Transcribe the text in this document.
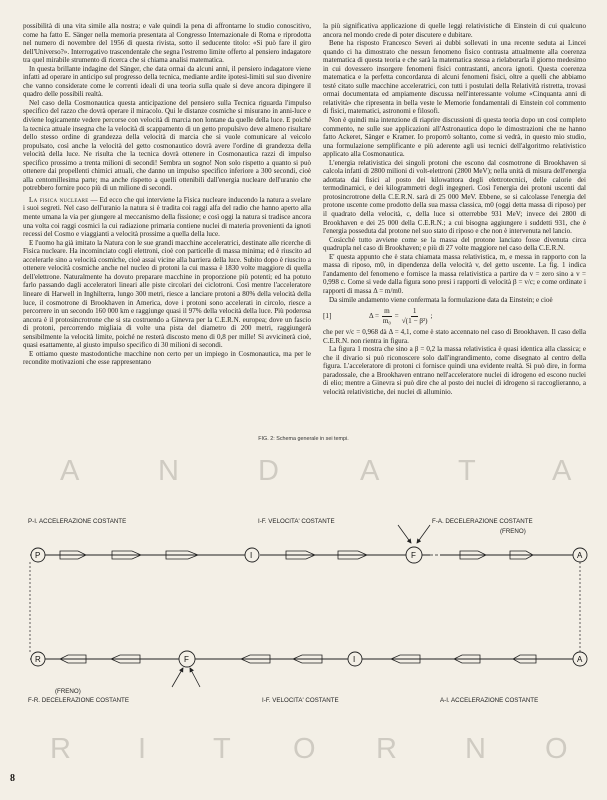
possibilità di una vita simile alla nostra; e vale quindi la pena di affrontarne lo studio conoscitivo, come ha fatto E. Sänger nella memoria presentata al Congresso Internazionale di Roma e riprodotta nel numero di novembre del 1956 di questa rivista, sotto il seducente titolo: «Si può fare il giro dell'Universo?». Interrogativo trascendentale che segna l'estremo limite offerto al pensiero indagatore tra quel mirabile strumento di ricerca che si chiama analisi matematica.

In questa brillante indagine del Sänger, che data ormai da alcuni anni, il pensiero indagatore viene infatti ad operare in anticipo sul progresso della tecnica, mediante ardite ipotesi-limiti sul suo divenire che vanno considerate come le correnti ideali di una teoria sulla quale si deve ancora dipingere il quadro delle possibili realtà.

Nel caso della Cosmonautica questa anticipazione del pensiero sulla Tecnica riguarda l'impulso specifico del razzo che dovrà operare il miracolo. Qui le distanze cosmiche si misurano in anni-luce e diviene logicamente vedere percorse con velocità di marcia non lontane da quelle della luce. E poiché la tecnica attuale insegna che la velocità di scappamento di un getto propulsivo deve almeno risultare dello stesso ordine di grandezza della velocità di marcia che si vuole comunicare al veicolo propulsato, così anche la velocità del getto cosmonautico dovrà avere l'ordine di grandezza della velocità della luce. Ne risulta che la tecnica dovrà ottenere in Cosmonautica razzi di impulso specifico prossimo a trenta milioni di secondi! Sembra un sogno! Non solo rispetto a quanto si può ottenere dai propellenti chimici attuali, che danno un impulso specifico inferiore a 300 secondi, cioè alla centomillesima parte; ma anche rispetto a quelli ottenibili dall'energia nucleare dell'uranio che potrebbero fornire poco più di un milione di secondi.

La fisica nucleare — Ed ecco che qui interviene la Fisica nucleare inducendo la natura a svelare i suoi segreti. Nel caso dell'uranio la natura si è tradita coi raggi alfa del radio che hanno aperto alla mente umana la via per giungere al meccanismo della fissione; e così oggi la natura si tradisce ancora una volta coi raggi cosmici la cui radiazione primaria contiene nuclei di materia provenienti da ignoti recessi del Cosmo e viaggianti a velocità prossime a quella della luce.

E l'uomo ha già imitato la Natura con le sue grandi macchine acceleratrici, destinate alle ricerche di Fisica nucleare. Ha incominciato cogli elettroni, cioè con particelle di massa minima; ed è riuscito ad accelerarle sino a velocità cosmiche, cioè assai vicine alla barriera della luce. Subito dopo è riuscito a ottenere velocità cosmiche anche nel nucleo di protoni la cui massa è 1830 volte maggiore di quella dell'elettrone. Naturalmente ha dovuto preparare macchine in proporzione più potenti; ed ha potuto farlo passando dagli acceleratori lineari alle piste circolari dei ciclotroni. Così mentre l'acceleratore lineare di Harwell in Inghilterra, lungo 300 metri, riesce a lanciare protoni a 80% della velocità della luce, il cosmotrone di Brookhaven in America, dove i protoni sono accelerati in circolo, riesce a percorrere in un secondo 160 000 km e raggiunge quasi il 97% della velocità della luce. Più poderosa ancora è il protosincrotrone che si sta costruendo a Ginevra per la C.E.R.N. europea; dove un fascio di protoni, percorrendo migliaia di volte una pista del diametro di 200 metri, raggiungerà sensibilmente la velocità limite, poiché ne resterà discosto meno di 0,8 per mille! Si avvicinerà cioè, quasi esattamente, al giusto impulso specifico di 30 milioni di secondi.

E ottiamo queste mastodontiche macchine non certo per un impiego in Cosmonautica, ma per le recondite motivazioni che esse rappresentano

la più significativa applicazione di quelle leggi relativistiche di Einstein di cui qualcuno ancora nel mondo crede di poter discutere e dubitare.

Bene ha risposto Francesco Severi ai dubbi sollevati in una recente seduta ai Lincei quando ci ha dimostrato che nessun fenomeno fisico contrasta attualmente alla coerenza matematica di questa teoria e che sarà la matematica stessa a rielaborarla il giorno medesimo in cui dovessero insorgere fenomeni fisici contrastanti, ancora ignoti. Questa coerenza matematica e la perfetta concordanza di alcuni fenomeni fisici, oltre a quelli che abbiamo testé citato sulle macchine acceleratrici, con tutti i postulati della Relatività ristretta, trovasi ormai documentata ed ampiamente discussa nell'interessante volume «Cinquanta anni di relatività» che ripresenta in bella veste le Memorie fondamentali di Einstein col commento di fisici, matematici, astronomi e filosofi.

Non è quindi mia intenzione di riaprire discussioni di questa teoria dopo un così completo commento, ne sulle sue applicazioni all'Astronautica dopo le dimostrazioni che ne hanno fatto Ackeret, Sänger e Kramer. Io proporrò soltanto, come si vedrà, in questo mio studio, una formulazione semplificante e più aderente agli usi tecnici dell'algoritmo relativistico applicato alla Cosmonautica.

L'energia relativistica dei singoli protoni che escono dal cosmotrone di Brookhaven si calcola infatti di 2800 milioni di volt-elettroni (2800 MeV); nella unità di misura dell'energia adottata dai fisici al posto dei kilowattora degli elettrotecnici, delle calorie dei termodinamici, e dei kilogrammetri degli ingegneri. Così l'energia dei protoni uscenti dal protosincrotrone della C.E.R.N. sarà di 25 000 MeV. Ebbene, se si calcolasse l'energia del protone uscente come prodotto della sua massa classica, m0 (oggi detta massa di riposo) per il quadrato della velocità, c, della luce si otterrebbe 931 MeV; invece dei 2800 di Brookhaven e dei 25 000 della C.E.R.N.; a cui bisogna aggiungere i suddetti 931, che è l'energia posseduta dal protone nel suo stato di riposo e che non è intervenuta nel lancio.

Cosicché tutto avviene come se la massa del protone lanciato fosse divenuta circa quadrupla nel caso di Brookhaven; e più di 27 volte maggiore nel caso della C.E.R.N.

E' questa appunto che è stata chiamata massa relativistica, m, e messa in rapporto con la massa di riposo, m0, in dipendenza della velocità v, del getto uscente. La fig. 1 indica l'andamento del fenomeno e fornisce la massa relativistica a partire da v = zero sino a v = 0,998 c. Come si vede dalla figura sono presi i rapporti di velocità β = v/c; e come ordinate i rapporti di massa Δ = m/m0.

Da simile andamento viene confermata la formulazione data da Einstein; e cioè

[1]	$\Delta = \frac{m}{\text{m₀}} = \frac{1}{\text{√(1 − β²)}}$ ;

che per v/c = 0,968 dà Δ = 4,1, come è stato accennato nel caso di Brookhaven. Il caso della C.E.R.N. non rientra in figura.

La figura 1 mostra che sino a β = 0,2 la massa relativistica è quasi identica alla classica; e che il divario si può riconoscere solo dall'ingrandimento, come disegnato al centro della figura. L'acceleratore di protoni ci fornisce quindi una evidente realtà. Si può dire, in forma paradossale, che a Brookhaven entrano nell'acceleratore nuclei di idrogeno ed escono nuclei di elio; mentre a Ginevra si può dire che al posto dei nuclei di idrogeno si raccoglieranno, a velocità relativistiche, dei nuclei di alluminio.

FIG. 2: Schema generale in sei tempi.
A	N	D	A	T	A
P-I. ACCELERAZIONE COSTANTE	I-F. VELOCITA' COSTANTE	F-A. DECELERAZIONE COSTANTE
(FRENO)
P	I	F	A
R	F	I	A
(FRENO)
F-R. DECELERAZIONE COSTANTE	I-F. VELOCITA' COSTANTE	A-I. ACCELERAZIONE COSTANTE
R I T O R N O
8
